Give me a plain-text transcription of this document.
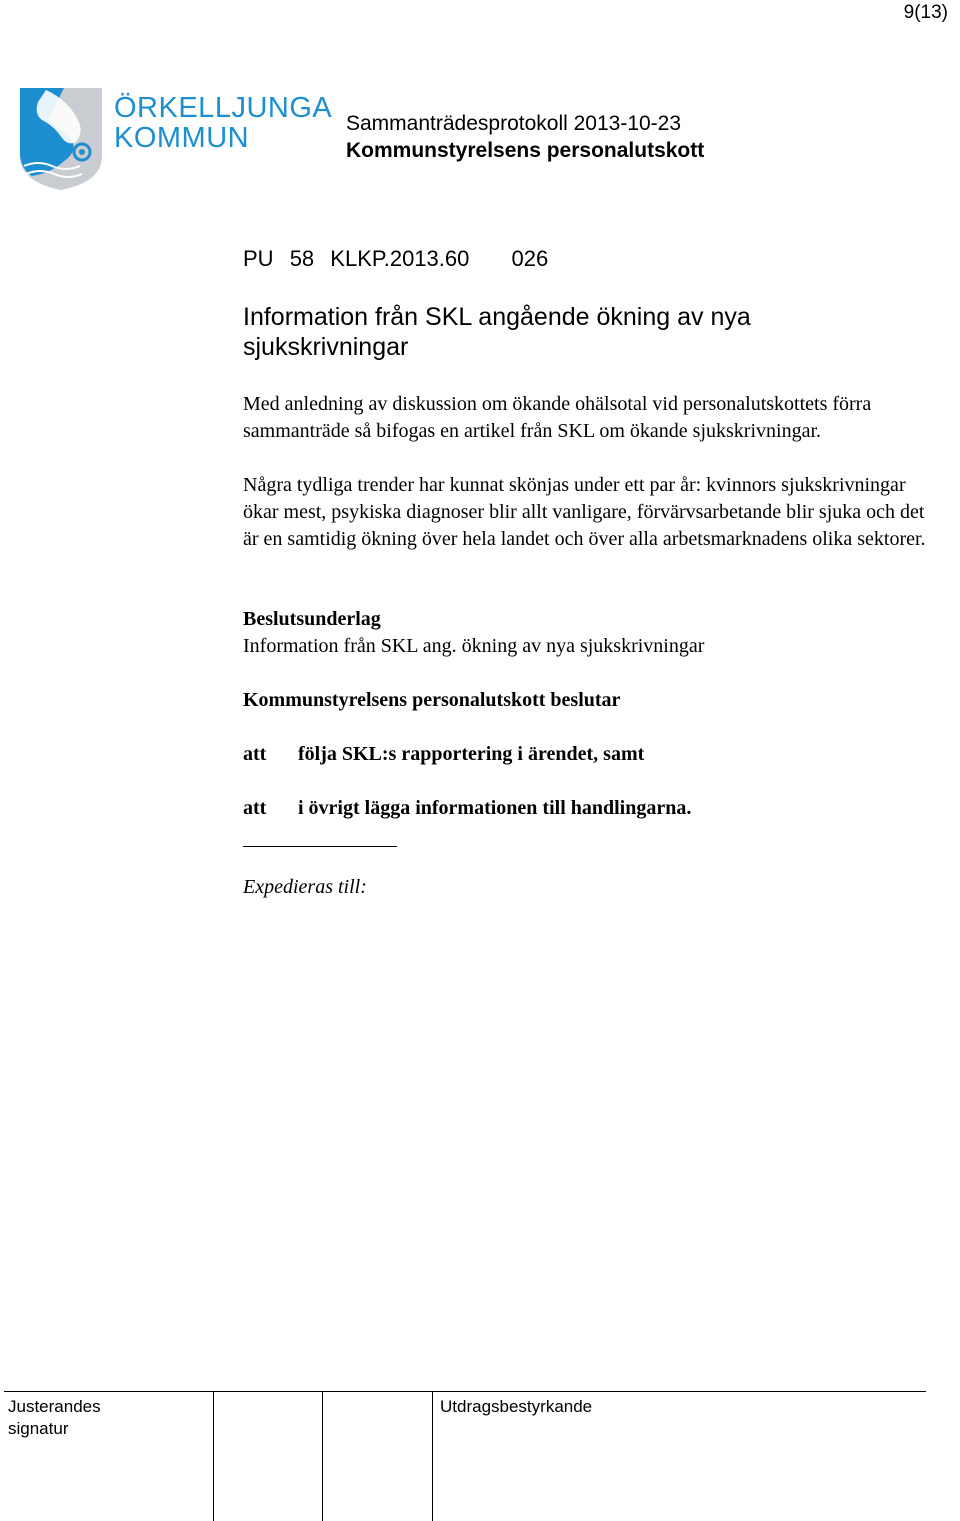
9(13)
ÖRKELLJUNGA
KOMMUN	Sammanträdesprotokoll 2013-10-23
Kommunstyrelsens personalutskott
PU 58 KLKP.2013.60 026
Information från SKL angående ökning av nya sjukskrivningar
Med anledning av diskussion om ökande ohälsotal vid personalutskottets förra sammanträde så bifogas en artikel från SKL om ökande sjukskrivningar.
Några tydliga trender har kunnat skönjas under ett par år: kvinnors sjukskrivningar ökar mest, psykiska diagnoser blir allt vanligare, förvärvsarbetande blir sjuka och det är en samtidig ökning över hela landet och över alla arbetsmarknadens olika sektorer.
Beslutsunderlag
Information från SKL ang. ökning av nya sjukskrivningar
Kommunstyrelsens personalutskott beslutar
att följa SKL:s rapportering i ärendet, samt
att i övrigt lägga informationen till handlingarna.
Expedieras till:
Justerandes signatur
Utdragsbestyrkande
